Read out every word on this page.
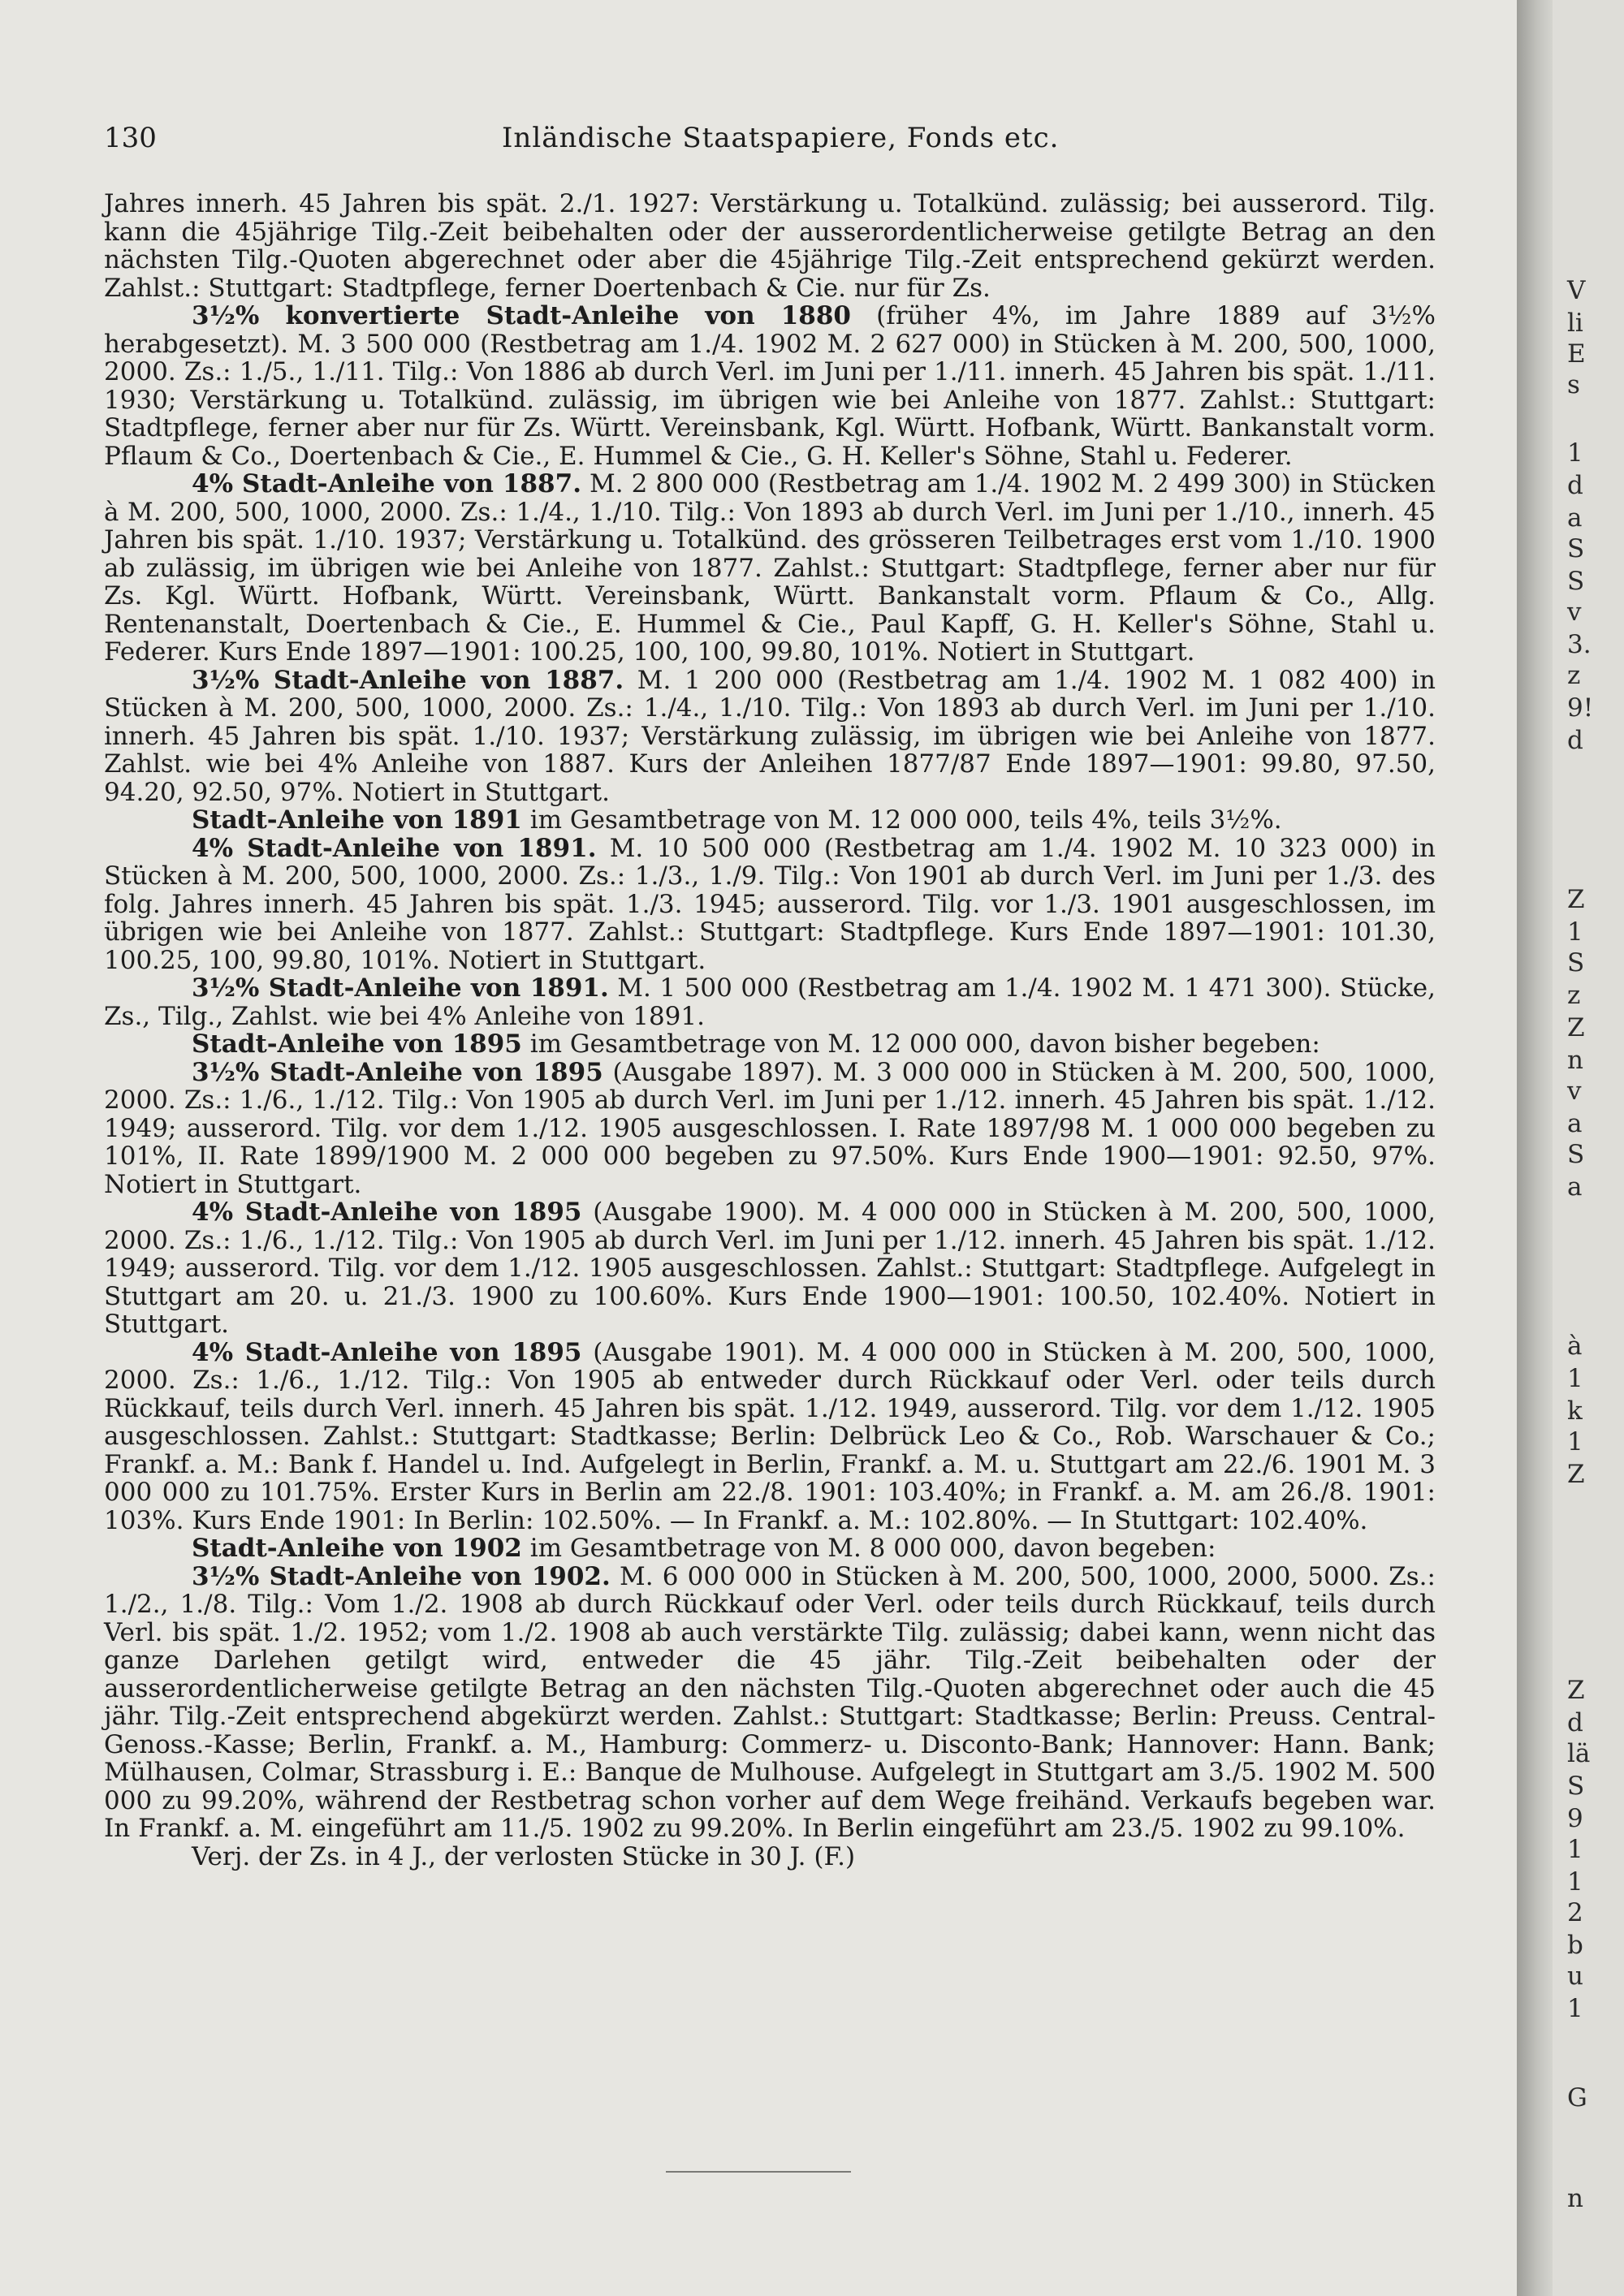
130	Inländische Staatspapiere, Fonds etc.

Jahres innerh. 45 Jahren bis spät. 2./1. 1927: Verstärkung u. Totalkünd. zulässig; bei ausserord. Tilg. kann die 45jährige Tilg.-Zeit beibehalten oder der ausserordentlicherweise getilgte Betrag an den nächsten Tilg.-Quoten abgerechnet oder aber die 45jährige Tilg.-Zeit entsprechend gekürzt werden. Zahlst.: Stuttgart: Stadtpflege, ferner Doertenbach & Cie. nur für Zs.

3½% konvertierte Stadt-Anleihe von 1880 (früher 4%, im Jahre 1889 auf 3½% herabgesetzt). M. 3 500 000 (Restbetrag am 1./4. 1902 M. 2 627 000) in Stücken à M. 200, 500, 1000, 2000. Zs.: 1./5., 1./11. Tilg.: Von 1886 ab durch Verl. im Juni per 1./11. innerh. 45 Jahren bis spät. 1./11. 1930; Verstärkung u. Totalkünd. zulässig, im übrigen wie bei Anleihe von 1877. Zahlst.: Stuttgart: Stadtpflege, ferner aber nur für Zs. Württ. Vereinsbank, Kgl. Württ. Hofbank, Württ. Bankanstalt vorm. Pflaum & Co., Doertenbach & Cie., E. Hummel & Cie., G. H. Keller's Söhne, Stahl u. Federer.

4% Stadt-Anleihe von 1887. M. 2 800 000 (Restbetrag am 1./4. 1902 M. 2 499 300) in Stücken à M. 200, 500, 1000, 2000. Zs.: 1./4., 1./10. Tilg.: Von 1893 ab durch Verl. im Juni per 1./10., innerh. 45 Jahren bis spät. 1./10. 1937; Verstärkung u. Totalkünd. des grösseren Teilbetrages erst vom 1./10. 1900 ab zulässig, im übrigen wie bei Anleihe von 1877. Zahlst.: Stuttgart: Stadtpflege, ferner aber nur für Zs. Kgl. Württ. Hofbank, Württ. Vereinsbank, Württ. Bankanstalt vorm. Pflaum & Co., Allg. Rentenanstalt, Doertenbach & Cie., E. Hummel & Cie., Paul Kapff, G. H. Keller's Söhne, Stahl u. Federer. Kurs Ende 1897—1901: 100.25, 100, 100, 99.80, 101%. Notiert in Stuttgart.

3½% Stadt-Anleihe von 1887. M. 1 200 000 (Restbetrag am 1./4. 1902 M. 1 082 400) in Stücken à M. 200, 500, 1000, 2000. Zs.: 1./4., 1./10. Tilg.: Von 1893 ab durch Verl. im Juni per 1./10. innerh. 45 Jahren bis spät. 1./10. 1937; Verstärkung zulässig, im übrigen wie bei Anleihe von 1877. Zahlst. wie bei 4% Anleihe von 1887. Kurs der Anleihen 1877/87 Ende 1897—1901: 99.80, 97.50, 94.20, 92.50, 97%. Notiert in Stuttgart.

Stadt-Anleihe von 1891 im Gesamtbetrage von M. 12 000 000, teils 4%, teils 3½%.

4% Stadt-Anleihe von 1891. M. 10 500 000 (Restbetrag am 1./4. 1902 M. 10 323 000) in Stücken à M. 200, 500, 1000, 2000. Zs.: 1./3., 1./9. Tilg.: Von 1901 ab durch Verl. im Juni per 1./3. des folg. Jahres innerh. 45 Jahren bis spät. 1./3. 1945; ausserord. Tilg. vor 1./3. 1901 ausgeschlossen, im übrigen wie bei Anleihe von 1877. Zahlst.: Stuttgart: Stadtpflege. Kurs Ende 1897—1901: 101.30, 100.25, 100, 99.80, 101%. Notiert in Stuttgart.

3½% Stadt-Anleihe von 1891. M. 1 500 000 (Restbetrag am 1./4. 1902 M. 1 471 300). Stücke, Zs., Tilg., Zahlst. wie bei 4% Anleihe von 1891.

Stadt-Anleihe von 1895 im Gesamtbetrage von M. 12 000 000, davon bisher begeben:

3½% Stadt-Anleihe von 1895 (Ausgabe 1897). M. 3 000 000 in Stücken à M. 200, 500, 1000, 2000. Zs.: 1./6., 1./12. Tilg.: Von 1905 ab durch Verl. im Juni per 1./12. innerh. 45 Jahren bis spät. 1./12. 1949; ausserord. Tilg. vor dem 1./12. 1905 ausgeschlossen. I. Rate 1897/98 M. 1 000 000 begeben zu 101%, II. Rate 1899/1900 M. 2 000 000 begeben zu 97.50%. Kurs Ende 1900—1901: 92.50, 97%. Notiert in Stuttgart.

4% Stadt-Anleihe von 1895 (Ausgabe 1900). M. 4 000 000 in Stücken à M. 200, 500, 1000, 2000. Zs.: 1./6., 1./12. Tilg.: Von 1905 ab durch Verl. im Juni per 1./12. innerh. 45 Jahren bis spät. 1./12. 1949; ausserord. Tilg. vor dem 1./12. 1905 ausgeschlossen. Zahlst.: Stuttgart: Stadtpflege. Aufgelegt in Stuttgart am 20. u. 21./3. 1900 zu 100.60%. Kurs Ende 1900—1901: 100.50, 102.40%. Notiert in Stuttgart.

4% Stadt-Anleihe von 1895 (Ausgabe 1901). M. 4 000 000 in Stücken à M. 200, 500, 1000, 2000. Zs.: 1./6., 1./12. Tilg.: Von 1905 ab entweder durch Rückkauf oder Verl. oder teils durch Rückkauf, teils durch Verl. innerh. 45 Jahren bis spät. 1./12. 1949, ausserord. Tilg. vor dem 1./12. 1905 ausgeschlossen. Zahlst.: Stuttgart: Stadtkasse; Berlin: Delbrück Leo & Co., Rob. Warschauer & Co.; Frankf. a. M.: Bank f. Handel u. Ind. Aufgelegt in Berlin, Frankf. a. M. u. Stuttgart am 22./6. 1901 M. 3 000 000 zu 101.75%. Erster Kurs in Berlin am 22./8. 1901: 103.40%; in Frankf. a. M. am 26./8. 1901: 103%. Kurs Ende 1901: In Berlin: 102.50%. — In Frankf. a. M.: 102.80%. — In Stuttgart: 102.40%.

Stadt-Anleihe von 1902 im Gesamtbetrage von M. 8 000 000, davon begeben:

3½% Stadt-Anleihe von 1902. M. 6 000 000 in Stücken à M. 200, 500, 1000, 2000, 5000. Zs.: 1./2., 1./8. Tilg.: Vom 1./2. 1908 ab durch Rückkauf oder Verl. oder teils durch Rückkauf, teils durch Verl. bis spät. 1./2. 1952; vom 1./2. 1908 ab auch verstärkte Tilg. zulässig; dabei kann, wenn nicht das ganze Darlehen getilgt wird, entweder die 45 jähr. Tilg.-Zeit beibehalten oder der ausserordentlicherweise getilgte Betrag an den nächsten Tilg.-Quoten abgerechnet oder auch die 45 jähr. Tilg.-Zeit entsprechend abgekürzt werden. Zahlst.: Stuttgart: Stadtkasse; Berlin: Preuss. Central-Genoss.-Kasse; Berlin, Frankf. a. M., Hamburg: Commerz- u. Disconto-Bank; Hannover: Hann. Bank; Mülhausen, Colmar, Strassburg i. E.: Banque de Mulhouse. Aufgelegt in Stuttgart am 3./5. 1902 M. 500 000 zu 99.20%, während der Restbetrag schon vorher auf dem Wege freihänd. Verkaufs begeben war. In Frankf. a. M. eingeführt am 11./5. 1902 zu 99.20%. In Berlin eingeführt am 23./5. 1902 zu 99.10%.

Verj. der Zs. in 4 J., der verlosten Stücke in 30 J. (F.)

V
li
E
s
1
d
a
S
S
v
3.
z
9!
d
Z
1
S
z
Z
n
v
a
S
a
à
1
k
1
Z
Z
d
lä
S
9
1
1
2
b
u
1
G
n
